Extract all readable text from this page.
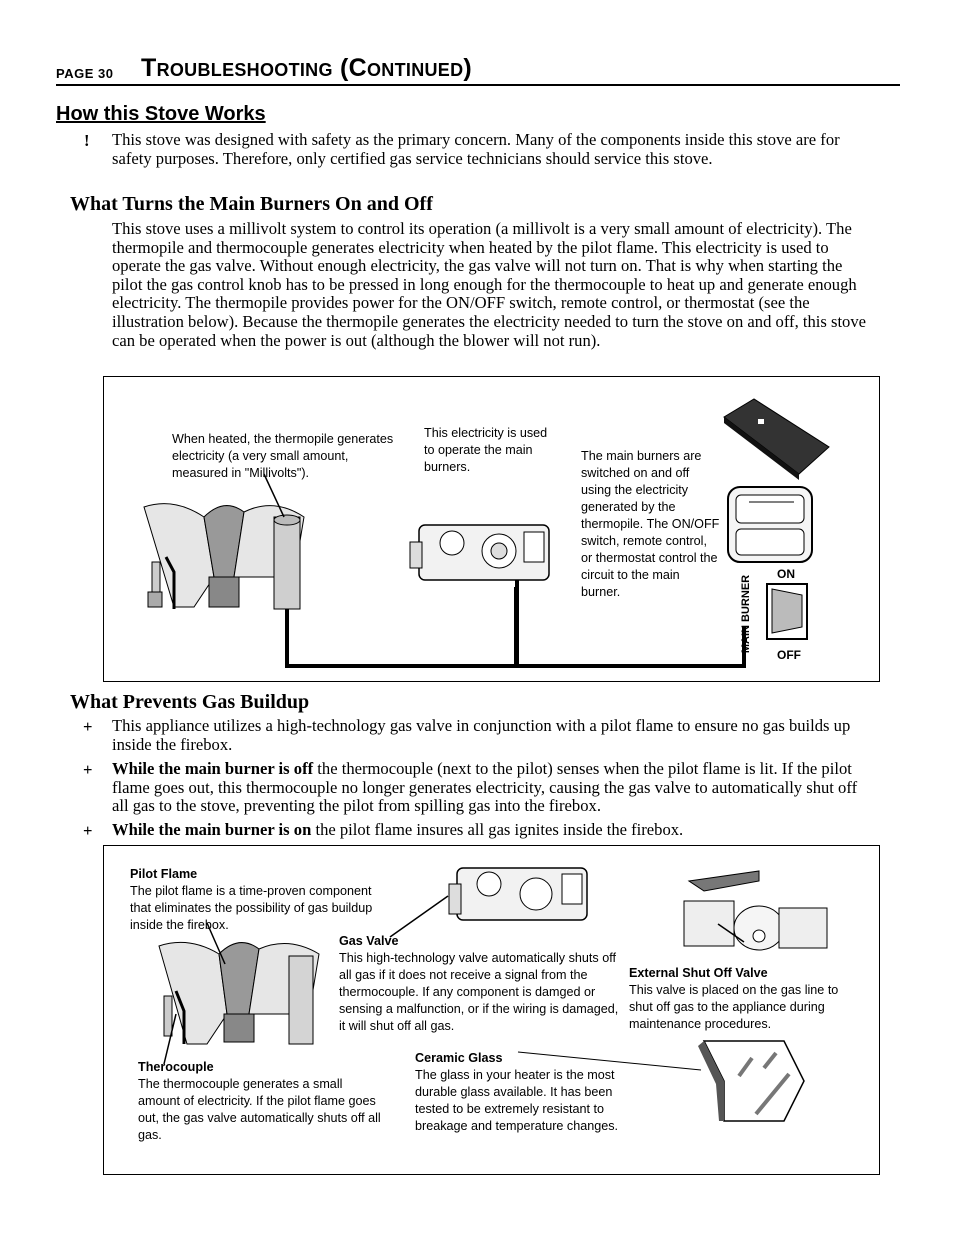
PAGE 30 Troubleshooting (Continued)
How this Stove Works
! This stove was designed with safety as the primary concern. Many of the components inside this stove are for safety purposes. Therefore, only certified gas service technicians should service this stove.
What Turns the Main Burners On and Off
This stove uses a millivolt system to control its operation (a millivolt is a very small amount of electricity). The thermopile and thermocouple generates electricity when heated by the pilot flame. This electricity is used to operate the gas valve. Without enough electricity, the gas valve will not turn on. That is why when starting the pilot the gas control knob has to be pressed in long enough for the thermocouple to heat up and generate enough electricity. The thermopile provides power for the ON/OFF switch, remote control, or thermostat (see the illustration below). Because the thermopile generates the electricity needed to turn the stove on and off, this stove can be operated when the power is out (although the blower will not run).
When heated, the thermopile generates electricity (a very small amount, measured in "Millivolts").
This electricity is used to operate the main burners.
The main burners are switched on and off using the electricity generated by the thermopile. The ON/OFF switch, remote control, or thermostat control the circuit to the main burner.
ON
OFF
MAIN BURNER
What Prevents Gas Buildup
+ This appliance utilizes a high-technology gas valve in conjunction with a pilot flame to ensure no gas builds up inside the firebox.
+ While the main burner is off the thermocouple (next to the pilot) senses when the pilot flame is lit. If the pilot flame goes out, this thermocouple no longer generates electricity, causing the gas valve to automatically shut off all gas to the stove, preventing the pilot from spilling gas into the firebox.
+ While the main burner is on the pilot flame insures all gas ignites inside the firebox.
Pilot Flame
The pilot flame is a time-proven component that eliminates the possibility of gas buildup inside the firebox.
Gas Valve
This high-technology valve automatically shuts off all gas if it does not receive a signal from the thermocouple. If any component is damged or sensing a malfunction, or if the wiring is damaged, it will shut off all gas.
External Shut Off Valve
This valve is placed on the gas line to shut off gas to the appliance during maintenance procedures.
Therocouple
The thermocouple generates a small amount of electricity. If the pilot flame goes out, the gas valve automatically shuts off all gas.
Ceramic Glass
The glass in your heater is the most durable glass available. It has been tested to be extremely resistant to breakage and temperature changes.
